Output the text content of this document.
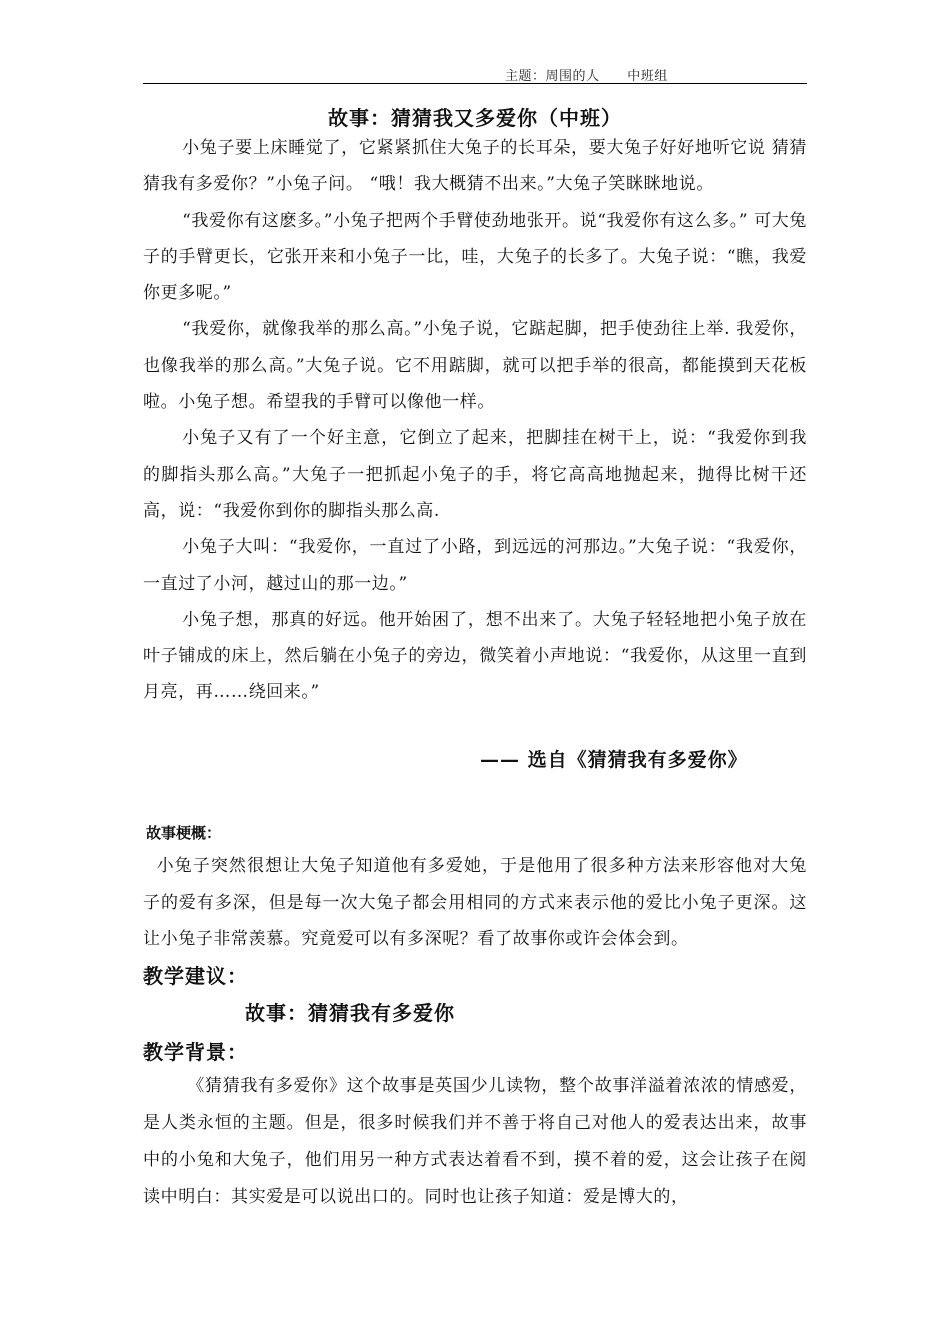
主题：周围的人      中班组
故事：猜猜我又多爱你（中班）

小兔子要上床睡觉了，它紧紧抓住大兔子的长耳朵，要大兔子好好地听它说 猜猜猜我有多爱你？”小兔子问。 “哦！我大概猜不出来。”大兔子笑眯眯地说。

“我爱你有这麽多。”小兔子把两个手臂使劲地张开。说“我爱你有这么多。” 可大兔子的手臂更长，它张开来和小兔子一比，哇，大兔子的长多了。大兔子说：“瞧，我爱你更多呢。”

“我爱你，就像我举的那么高。”小兔子说，它踮起脚，把手使劲往上举. 我爱你，也像我举的那么高。”大兔子说。它不用踮脚，就可以把手举的很高，都能摸到天花板啦。小兔子想。希望我的手臂可以像他一样。

小兔子又有了一个好主意，它倒立了起来，把脚挂在树干上，说：“我爱你到我的脚指头那么高。”大兔子一把抓起小兔子的手，将它高高地抛起来，抛得比树干还高，说：“我爱你到你的脚指头那么高.

小兔子大叫：“我爱你，一直过了小路，到远远的河那边。”大兔子说：“我爱你，一直过了小河，越过山的那一边。”

小兔子想，那真的好远。他开始困了，想不出来了。大兔子轻轻地把小兔子放在叶子铺成的床上，然后躺在小兔子的旁边，微笑着小声地说：“我爱你，从这里一直到月亮，再……绕回来。”

—— 选自《猜猜我有多爱你》
故事梗概：

小兔子突然很想让大兔子知道他有多爱她，于是他用了很多种方法来形容他对大兔子的爱有多深，但是每一次大兔子都会用相同的方式来表示他的爱比小兔子更深。这让小兔子非常羡慕。究竟爱可以有多深呢？看了故事你或许会体会到。

教学建议：
故事：猜猜我有多爱你
教学背景：

《猜猜我有多爱你》这个故事是英国少儿读物，整个故事洋溢着浓浓的情感爱，是人类永恒的主题。但是，很多时候我们并不善于将自己对他人的爱表达出来，故事中的小兔和大兔子，他们用另一种方式表达着看不到，摸不着的爱，这会让孩子在阅读中明白：其实爱是可以说出口的。同时也让孩子知道：爱是博大的，
